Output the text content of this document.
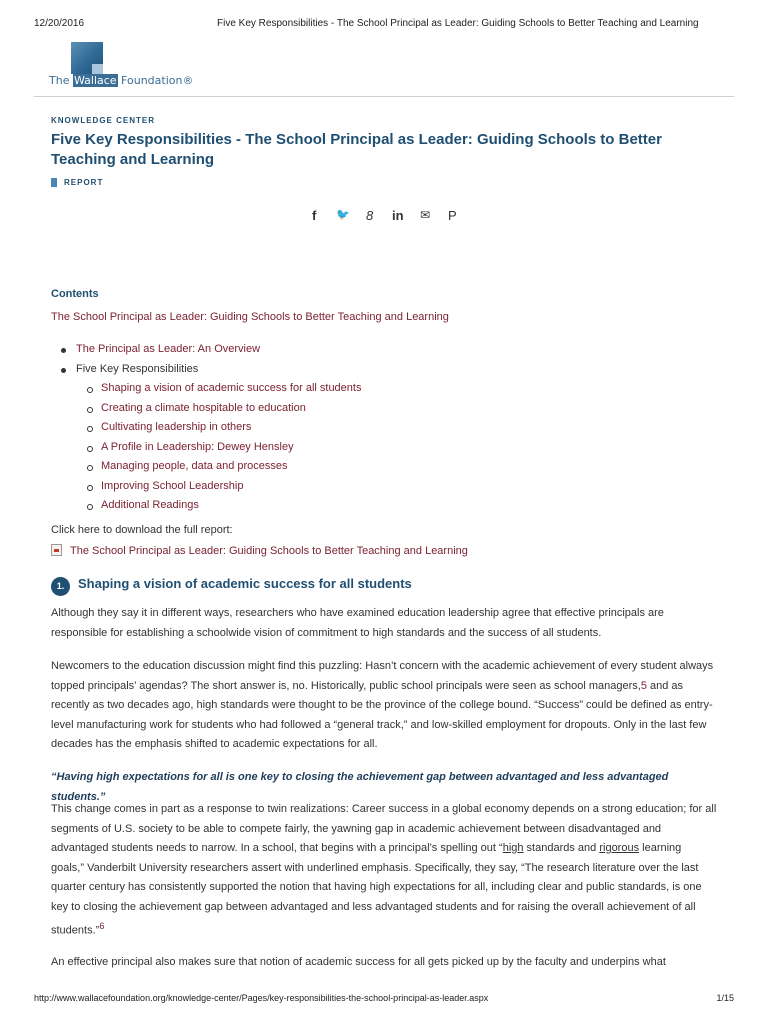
12/20/2016	Five Key Responsibilities - The School Principal as Leader: Guiding Schools to Better Teaching and Learning
The Wallace Foundation®
KNOWLEDGE CENTER
Five Key Responsibilities - The School Principal as Leader: Guiding Schools to Better Teaching and Learning
REPORT
f 🐦 8 in ✉ P
Contents
The School Principal as Leader: Guiding Schools to Better Teaching and Learning
The Principal as Leader: An Overview
Five Key Responsibilities
Shaping a vision of academic success for all students
Creating a climate hospitable to education
Cultivating leadership in others
A Profile in Leadership: Dewey Hensley
Managing people, data and processes
Improving School Leadership
Additional Readings
Click here to download the full report:
The School Principal as Leader: Guiding Schools to Better Teaching and Learning
1.	Shaping a vision of academic success for all students

Although they say it in different ways, researchers who have examined education leadership agree that effective principals are responsible for establishing a schoolwide vision of commitment to high standards and the success of all students.

Newcomers to the education discussion might find this puzzling: Hasn’t concern with the academic achievement of every student always topped principals’ agendas? The short answer is, no. Historically, public school principals were seen as school managers,5 and as recently as two decades ago, high standards were thought to be the province of the college bound. “Success” could be defined as entry-level manufacturing work for students who had followed a “general track,” and low-skilled employment for dropouts. Only in the last few decades has the emphasis shifted to academic expectations for all.

“Having high expectations for all is one key to closing the achievement gap between advantaged and less advantaged students.”

This change comes in part as a response to twin realizations: Career success in a global economy depends on a strong education; for all segments of U.S. society to be able to compete fairly, the yawning gap in academic achievement between disadvantaged and advantaged students needs to narrow. In a school, that begins with a principal’s spelling out “high standards and rigorous learning goals,” Vanderbilt University researchers assert with underlined emphasis. Specifically, they say, “The research literature over the last quarter century has consistently supported the notion that having high expectations for all, including clear and public standards, is one key to closing the achievement gap between advantaged and less advantaged students and for raising the overall achievement of all students.”$^6$

An effective principal also makes sure that notion of academic success for all gets picked up by the faculty and underpins what

http://www.wallacefoundation.org/knowledge-center/Pages/key-responsibilities-the-school-principal-as-leader.aspx	1/15
